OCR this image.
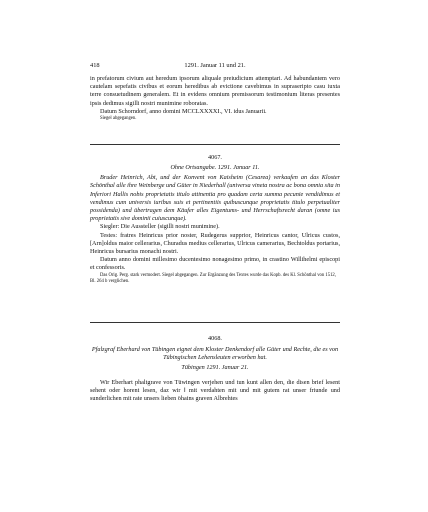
418	1291. Januar 11 und 21.

in prefatorum civium aut heredum ipsorum aliquale preiudicium attemptari. Ad habundantem vero cautelam sepefatis civibus et eorum heredibus ab evictione cavebimus in supraseripto casu iuxta terre consuetudinem generalem. Et in evidens omnium premissorum testimonium literas presentes ipsis dedimus sigilli nostri munimine roboratas.

Datum Schorndorf, anno domini MCCLXXXXI., VI. idus Januarii.

Siegel abgegangen.

4067.

Ohne Ortsangabe. 1291. Januar 11.

Bruder Heinrich, Abt, und der Konvent von Kaisheim (Cesarea) verkaufen an das Kloster Schönthal alle ihre Weinberge und Güter in Niederhall (universa vineta nostra ac bona omnia sita in Inferiori Hallis nobis proprietatis titulo attinentia pro quadam certa summa pecunie vendidimus et vendimus cum universis iuribus suis et pertinentiis quibuscunque proprietatis titulo perpetualiter possidenda) und übertragen dem Käufer alles Eigentums- und Herrschaftsrecht daran (omne ius proprietatis sive dominii cuiuscunque).

Siegler: Die Aussteller (sigilli nostri munimine).

Testes: fratres Heinricus prior noster, Rudegerus supprior, Heinricus cantor, Ulricus custos, [Arn]oldus maior cellerarius, Churadus medius cellerarius, Ulricus camerarius, Bechtoldus portarius, Heinricus bursarius monachi nostri.

Datum anno domini millesimo ducentesimo nonagesimo primo, in crastino Willihelmi episcopi et confessoris.

Das Orig. Perg. stark vermodert. Siegel abgegangen. Zur Ergänzung des Textes wurde das Kopb. des Kl. Schönthal von 1512, Bl. 264 b verglichen.

4068.

Pfalzgraf Eberhard von Tübingen eignet dem Kloster Denkendorf alle Güter und Rechte, die es von Tübingischen Lehensleuten erworben hat.

Tübingen 1291. Januar 21.

Wir Eberhart phaltgrave von Tüwingen verjehen und tun kunt allen den, die disen brief lesent sehent oder horent lesen, daz wir ‖ mit verdahten mit und mit gutem rat unser friunde und sunderlichen mit rate unsers lieben öhains graven Albrehtes
